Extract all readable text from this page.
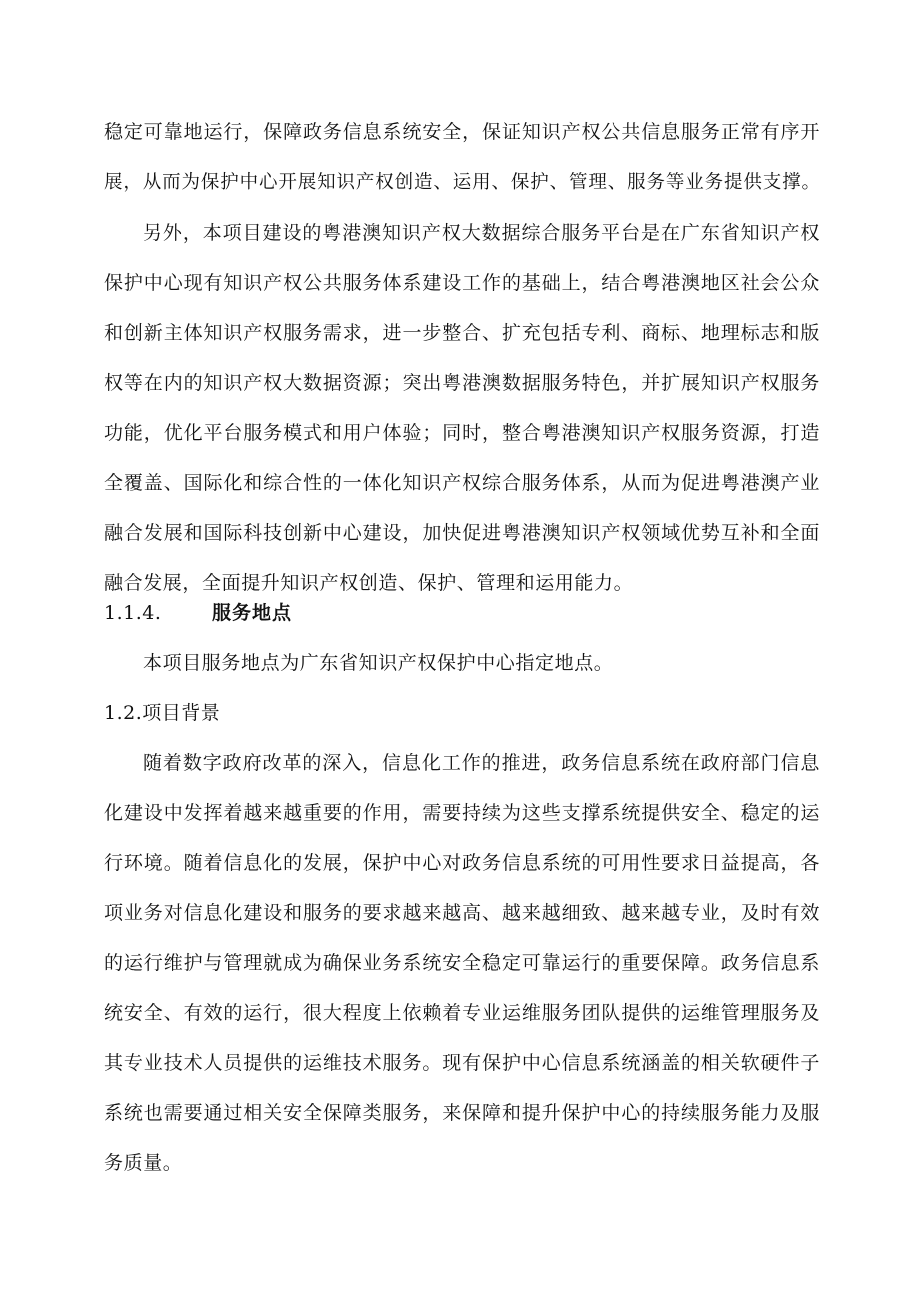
稳定可靠地运行，保障政务信息系统安全，保证知识产权公共信息服务正常有序开
展，从而为保护中心开展知识产权创造、运用、保护、管理、服务等业务提供支撑。
另外，本项目建设的粤港澳知识产权大数据综合服务平台是在广东省知识产权
保护中心现有知识产权公共服务体系建设工作的基础上，结合粤港澳地区社会公众
和创新主体知识产权服务需求，进一步整合、扩充包括专利、商标、地理标志和版
权等在内的知识产权大数据资源；突出粤港澳数据服务特色，并扩展知识产权服务
功能，优化平台服务模式和用户体验；同时，整合粤港澳知识产权服务资源，打造
全覆盖、国际化和综合性的一体化知识产权综合服务体系，从而为促进粤港澳产业
融合发展和国际科技创新中心建设，加快促进粤港澳知识产权领域优势互补和全面
融合发展，全面提升知识产权创造、保护、管理和运用能力。
1.1.4.	服务地点
本项目服务地点为广东省知识产权保护中心指定地点。
1.2.项目背景
随着数字政府改革的深入，信息化工作的推进，政务信息系统在政府部门信息
化建设中发挥着越来越重要的作用，需要持续为这些支撑系统提供安全、稳定的运
行环境。随着信息化的发展，保护中心对政务信息系统的可用性要求日益提高，各
项业务对信息化建设和服务的要求越来越高、越来越细致、越来越专业，及时有效
的运行维护与管理就成为确保业务系统安全稳定可靠运行的重要保障。政务信息系
统安全、有效的运行，很大程度上依赖着专业运维服务团队提供的运维管理服务及
其专业技术人员提供的运维技术服务。现有保护中心信息系统涵盖的相关软硬件子
系统也需要通过相关安全保障类服务，来保障和提升保护中心的持续服务能力及服
务质量。
